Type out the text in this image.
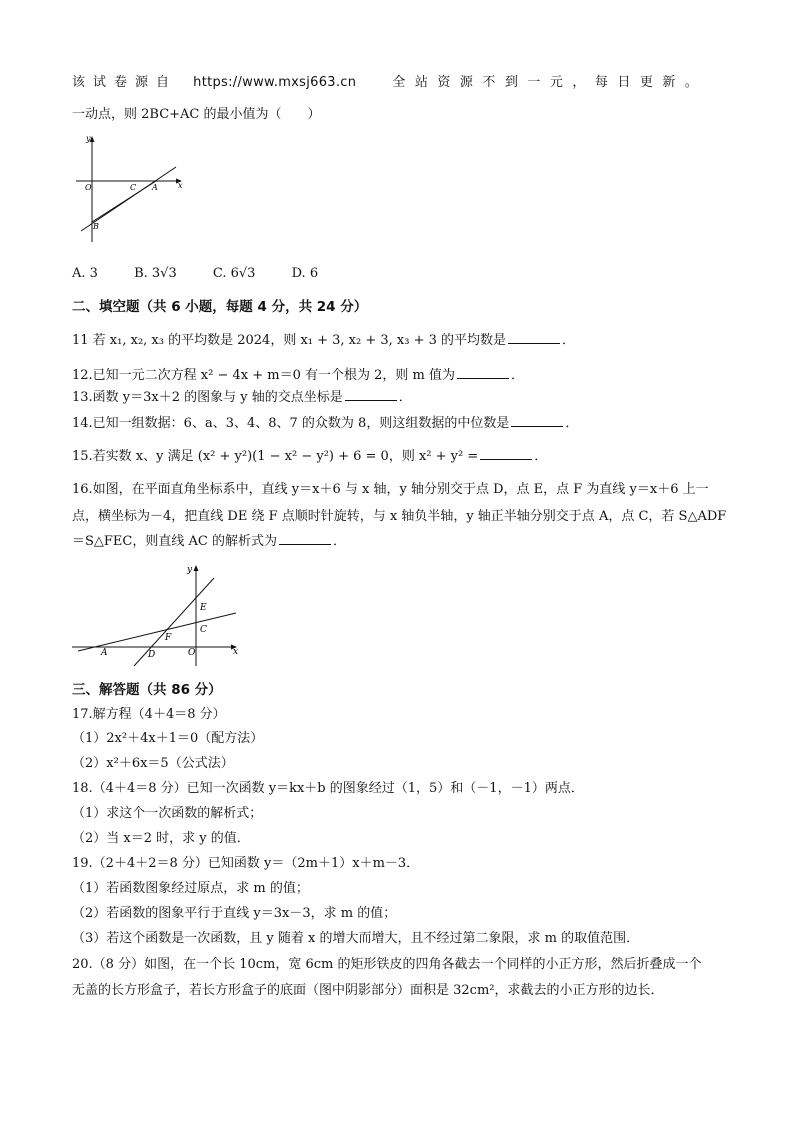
该试卷源自 https://www.mxsj663.cn	全站资源不到一元，每日更新。
一动点，则 2BC+AC 的最小值为（　　）
y
x
O	C A
B
A. 3	B. 3√3	C. 6√3	D. 6
二、填空题（共 6 小题，每题 4 分，共 24 分）
11 若 x₁, x₂, x₃ 的平均数是 2024，则 x₁ + 3, x₂ + 3, x₃ + 3 的平均数是	．
12.已知一元二次方程 x² − 4x + m＝0 有一个根为 2，则 m 值为	．
13.函数 y＝3x＋2 的图象与 y 轴的交点坐标是	．
14.已知一组数据：6、a、3、4、8、7 的众数为 8，则这组数据的中位数是	．
15.若实数 x、y 满足 (x² + y²)(1 − x² − y²) + 6 = 0，则 x² + y² =	．
16.如图，在平面直角坐标系中，直线 y＝x＋6 与 x 轴，y 轴分别交于点 D，点 E，点 F 为直线 y＝x＋6 上一
点，横坐标为－4，把直线 DE 绕 F 点顺时针旋转，与 x 轴负半轴，y 轴正半轴分别交于点 A，点 C，若 S△ADF
＝S△FEC，则直线 AC 的解析式为	．
y
x
E
C
F
A	D	O
三、解答题（共 86 分）
17.解方程（4＋4＝8 分）
（1）2x²＋4x＋1＝0（配方法）
（2）x²＋6x＝5（公式法）
18.（4＋4＝8 分）已知一次函数 y＝kx＋b 的图象经过（1，5）和（－1，－1）两点．
（1）求这个一次函数的解析式；
（2）当 x＝2 时，求 y 的值．
19.（2＋4＋2＝8 分）已知函数 y＝（2m＋1）x＋m－3．
（1）若函数图象经过原点，求 m 的值；
（2）若函数的图象平行于直线 y＝3x－3，求 m 的值；
（3）若这个函数是一次函数，且 y 随着 x 的增大而增大，且不经过第二象限，求 m 的取值范围．
20.（8 分）如图，在一个长 10cm，宽 6cm 的矩形铁皮的四角各截去一个同样的小正方形，然后折叠成一个
无盖的长方形盒子，若长方形盒子的底面（图中阴影部分）面积是 32cm²，求截去的小正方形的边长．
